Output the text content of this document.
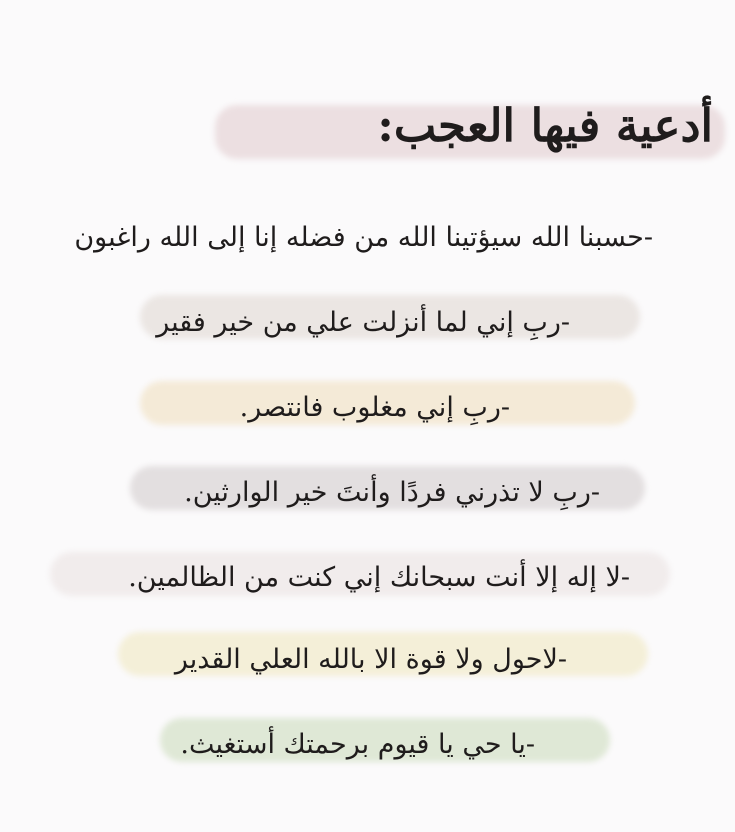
أدعية فيها العجب:
-حسبنا الله سيؤتينا الله من فضله إنا إلى الله راغبون
-ربِ إني لما أنزلت علي من خير فقير
-ربِ إني مغلوب فانتصر.
-ربِ لا تذرني فردًا وأنتَ خير الوارثين.
-لا إله إلا أنت سبحانك إني كنت من الظالمين.
-لاحول ولا قوة الا بالله العلي القدير
-يا حي يا قيوم برحمتك أستغيث.
